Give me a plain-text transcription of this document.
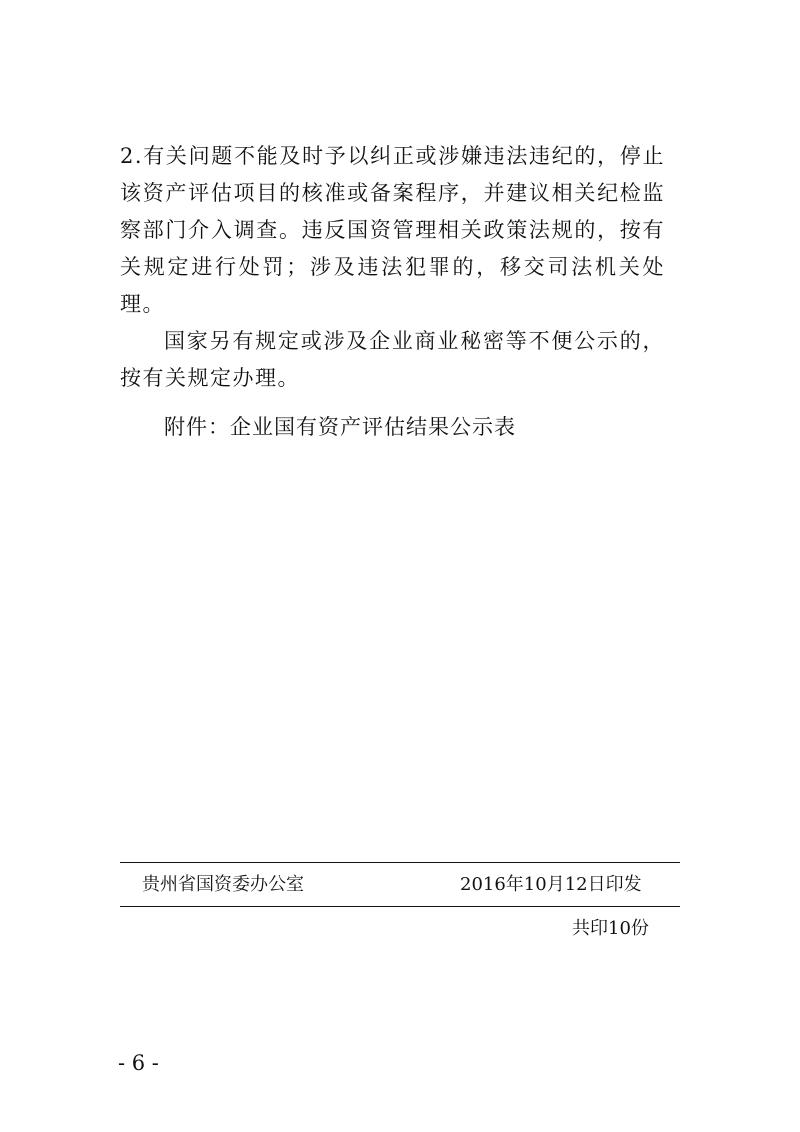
2.有关问题不能及时予以纠正或涉嫌违法违纪的，停止该资产评估项目的核准或备案程序，并建议相关纪检监察部门介入调查。违反国资管理相关政策法规的，按有关规定进行处罚；涉及违法犯罪的，移交司法机关处理。

国家另有规定或涉及企业商业秘密等不便公示的，按有关规定办理。

附件：企业国有资产评估结果公示表
贵州省国资委办公室	2016年10月12日印发
共印10份
- 6 -
